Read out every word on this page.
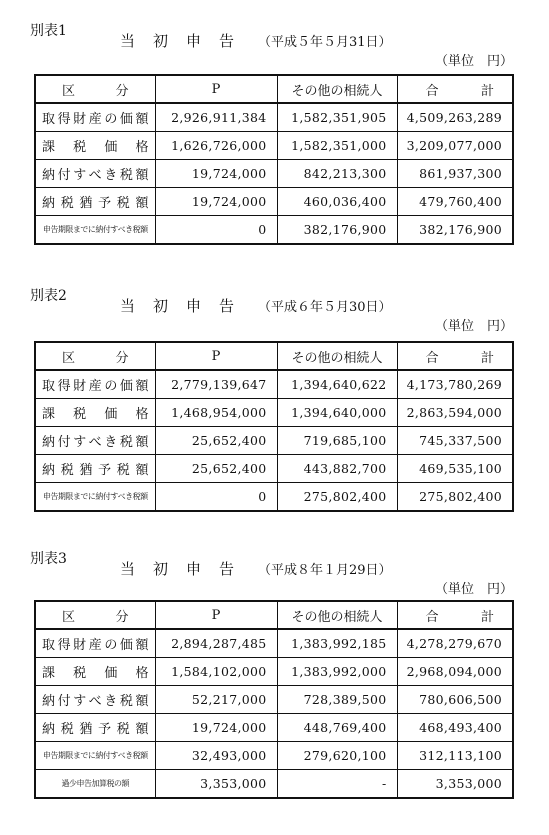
別表1
当初申告 （平成５年５月31日）
（単位　円）
区　分	P	その他の相続人	合　計
取得財産の価額	2,926,911,384	1,582,351,905	4,509,263,289
課税価格	1,626,726,000	1,582,351,000	3,209,077,000
納付すべき税額	19,724,000	842,213,300	861,937,300
納税猶予税額	19,724,000	460,036,400	479,760,400
申告期限までに納付すべき税額	0	382,176,900	382,176,900
別表2
当初申告 （平成６年５月30日）
（単位　円）
区　分	P	その他の相続人	合　計
取得財産の価額	2,779,139,647	1,394,640,622	4,173,780,269
課税価格	1,468,954,000	1,394,640,000	2,863,594,000
納付すべき税額	25,652,400	719,685,100	745,337,500
納税猶予税額	25,652,400	443,882,700	469,535,100
申告期限までに納付すべき税額	0	275,802,400	275,802,400
別表3
当初申告 （平成８年１月29日）
（単位　円）
区　分	P	その他の相続人	合　計
取得財産の価額	2,894,287,485	1,383,992,185	4,278,279,670
課税価格	1,584,102,000	1,383,992,000	2,968,094,000
納付すべき税額	52,217,000	728,389,500	780,606,500
納税猶予税額	19,724,000	448,769,400	468,493,400
申告期限までに納付すべき税額	32,493,000	279,620,100	312,113,100
過少申告加算税の額	3,353,000	-	3,353,000
